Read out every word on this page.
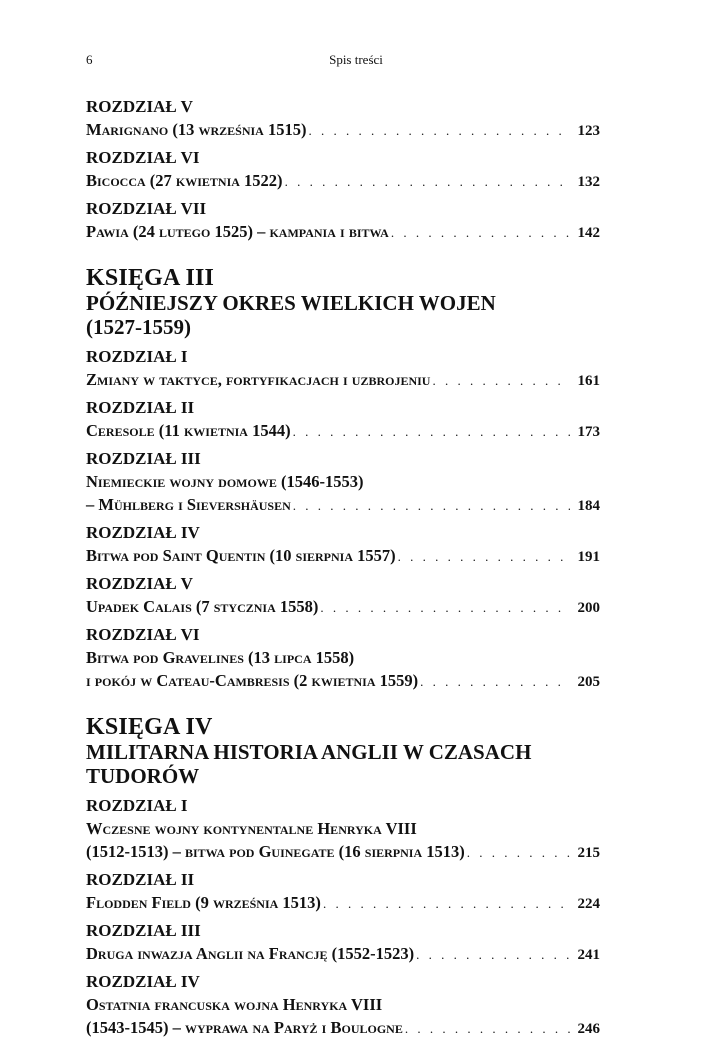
6	Spis treści
ROZDZIAŁ V
Marignano (13 września 1515) . . .	123
ROZDZIAŁ VI
Bicocca (27 kwietnia 1522) . . .	132
ROZDZIAŁ VII
Pawia (24 lutego 1525) – kampania i bitwa . . .	142
KSIĘGA III
PÓŹNIEJSZY OKRES WIELKICH WOJEN
(1527-1559)
ROZDZIAŁ I
Zmiany w taktyce, fortyfikacjach i uzbrojeniu . . .	161
ROZDZIAŁ II
Ceresole (11 kwietnia 1544) . . .	173
ROZDZIAŁ III
Niemieckie wojny domowe (1546-1553)
– Mühlberg i Sievershäusen . . .	184
ROZDZIAŁ IV
Bitwa pod Saint Quentin (10 sierpnia 1557) . . .	191
ROZDZIAŁ V
Upadek Calais (7 stycznia 1558) . . .	200
ROZDZIAŁ VI
Bitwa pod Gravelines (13 lipca 1558)
i pokój w Cateau-Cambresis (2 kwietnia 1559) . . .	205
KSIĘGA IV
MILITARNA HISTORIA ANGLII W CZASACH
TUDORÓW
ROZDZIAŁ I
Wczesne wojny kontynentalne Henryka VIII
(1512-1513) – bitwa pod Guinegate (16 sierpnia 1513) . . .	215
ROZDZIAŁ II
Flodden Field (9 września 1513) . . .	224
ROZDZIAŁ III
Druga inwazja Anglii na Francję (1552-1523) . . .	241
ROZDZIAŁ IV
Ostatnia francuska wojna Henryka VIII
(1543-1545) – wyprawa na Paryż i Boulogne . . .	246
